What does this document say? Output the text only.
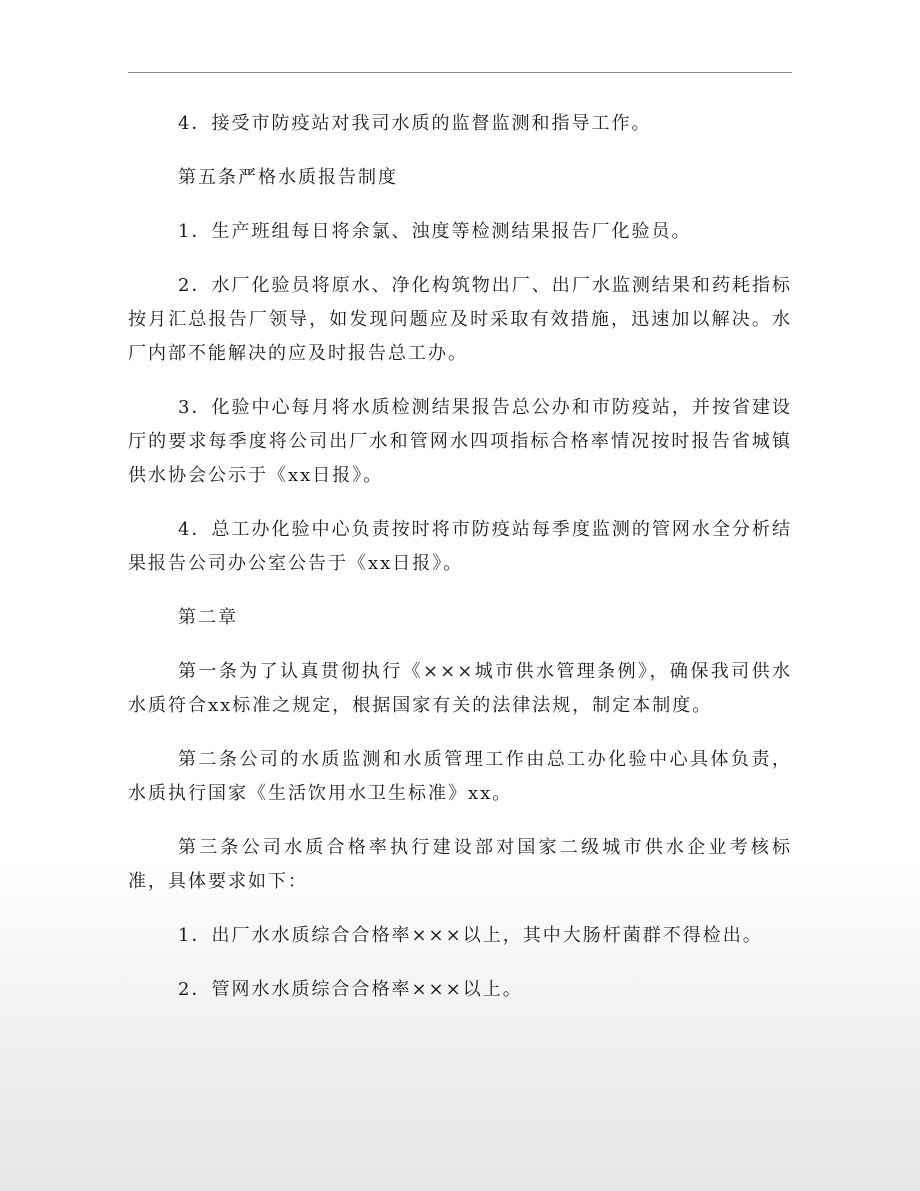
4．接受市防疫站对我司水质的监督监测和指导工作。

第五条严格水质报告制度

1．生产班组每日将余氯、浊度等检测结果报告厂化验员。

2．水厂化验员将原水、净化构筑物出厂、出厂水监测结果和药耗指标按月汇总报告厂领导，如发现问题应及时采取有效措施，迅速加以解决。水厂内部不能解决的应及时报告总工办。

3．化验中心每月将水质检测结果报告总公办和市防疫站，并按省建设厅的要求每季度将公司出厂水和管网水四项指标合格率情况按时报告省城镇供水协会公示于《xx日报》。

4．总工办化验中心负责按时将市防疫站每季度监测的管网水全分析结果报告公司办公室公告于《xx日报》。

第二章

第一条为了认真贯彻执行《×××城市供水管理条例》，确保我司供水水质符合xx标准之规定，根据国家有关的法律法规，制定本制度。

第二条公司的水质监测和水质管理工作由总工办化验中心具体负责，水质执行国家《生活饮用水卫生标准》xx。

第三条公司水质合格率执行建设部对国家二级城市供水企业考核标准，具体要求如下：

1．出厂水水质综合合格率×××以上，其中大肠杆菌群不得检出。

2．管网水水质综合合格率×××以上。
